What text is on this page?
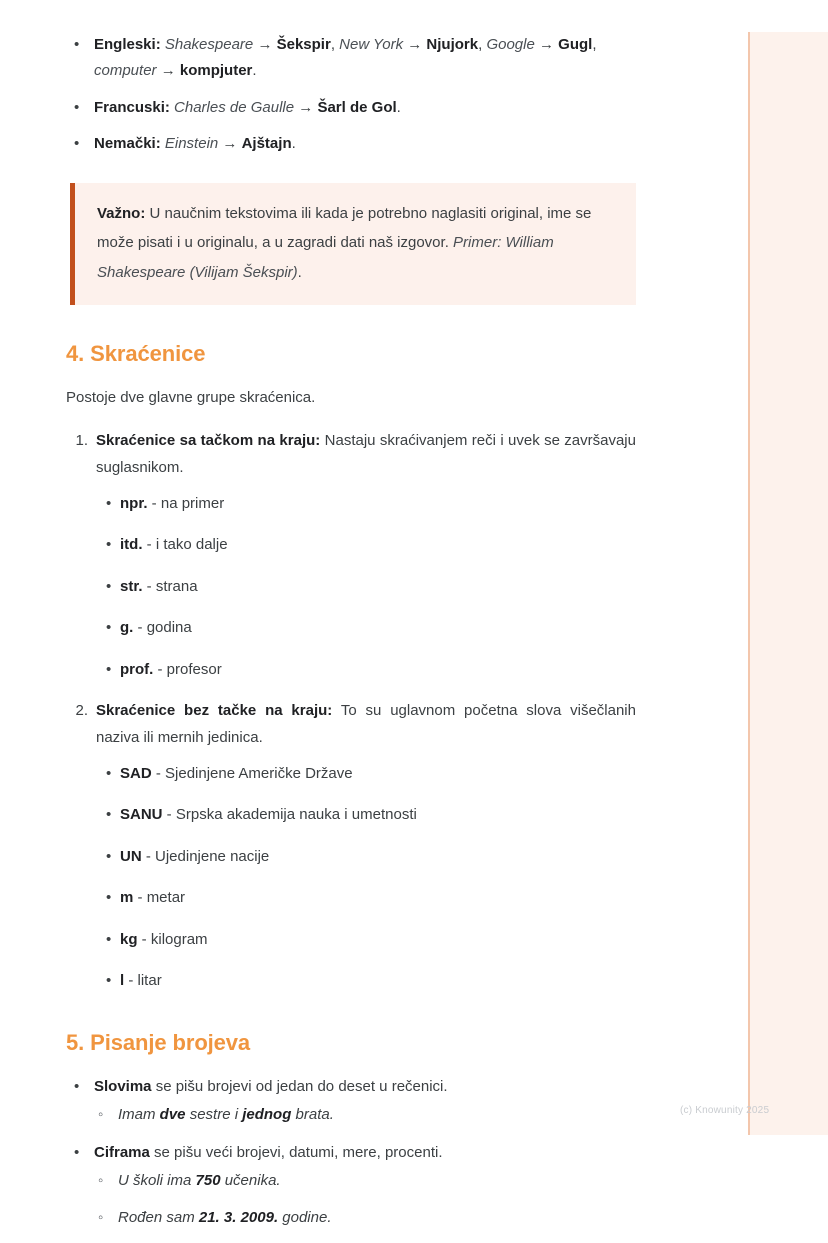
• Engleski: Shakespeare → Šekspir, New York → Njujork, Google → Gugl, computer → kompjuter.
• Francuski: Charles de Gaulle → Šarl de Gol.
• Nemački: Einstein → Ajštajn.
Važno: U naučnim tekstovima ili kada je potrebno naglasiti original, ime se može pisati i u originalu, a u zagradi dati naš izgovor. Primer: William Shakespeare (Vilijam Šekspir).
4. Skraćenice

Postoje dve glavne grupe skraćenica.

1. Skraćenice sa tačkom na kraju: Nastaju skraćivanjem reči i uvek se završavaju suglasnikom.
• npr. - na primer
• itd. - i tako dalje
• str. - strana
• g. - godina
• prof. - profesor
2. Skraćenice bez tačke na kraju: To su uglavnom početna slova višečlanih naziva ili mernih jedinica.
• SAD - Sjedinjene Američke Države
• SANU - Srpska akademija nauka i umetnosti
• UN - Ujedinjene nacije
• m - metar
• kg - kilogram
• l - litar
5. Pisanje brojeva
• Slovima se pišu brojevi od jedan do deset u rečenici.
◦ Imam dve sestre i jednog brata.
• Ciframa se pišu veći brojevi, datumi, mere, procenti.
◦ U školi ima 750 učenika.
◦ Rođen sam 21. 3. 2009. godine.
(c) Knowunity 2025
